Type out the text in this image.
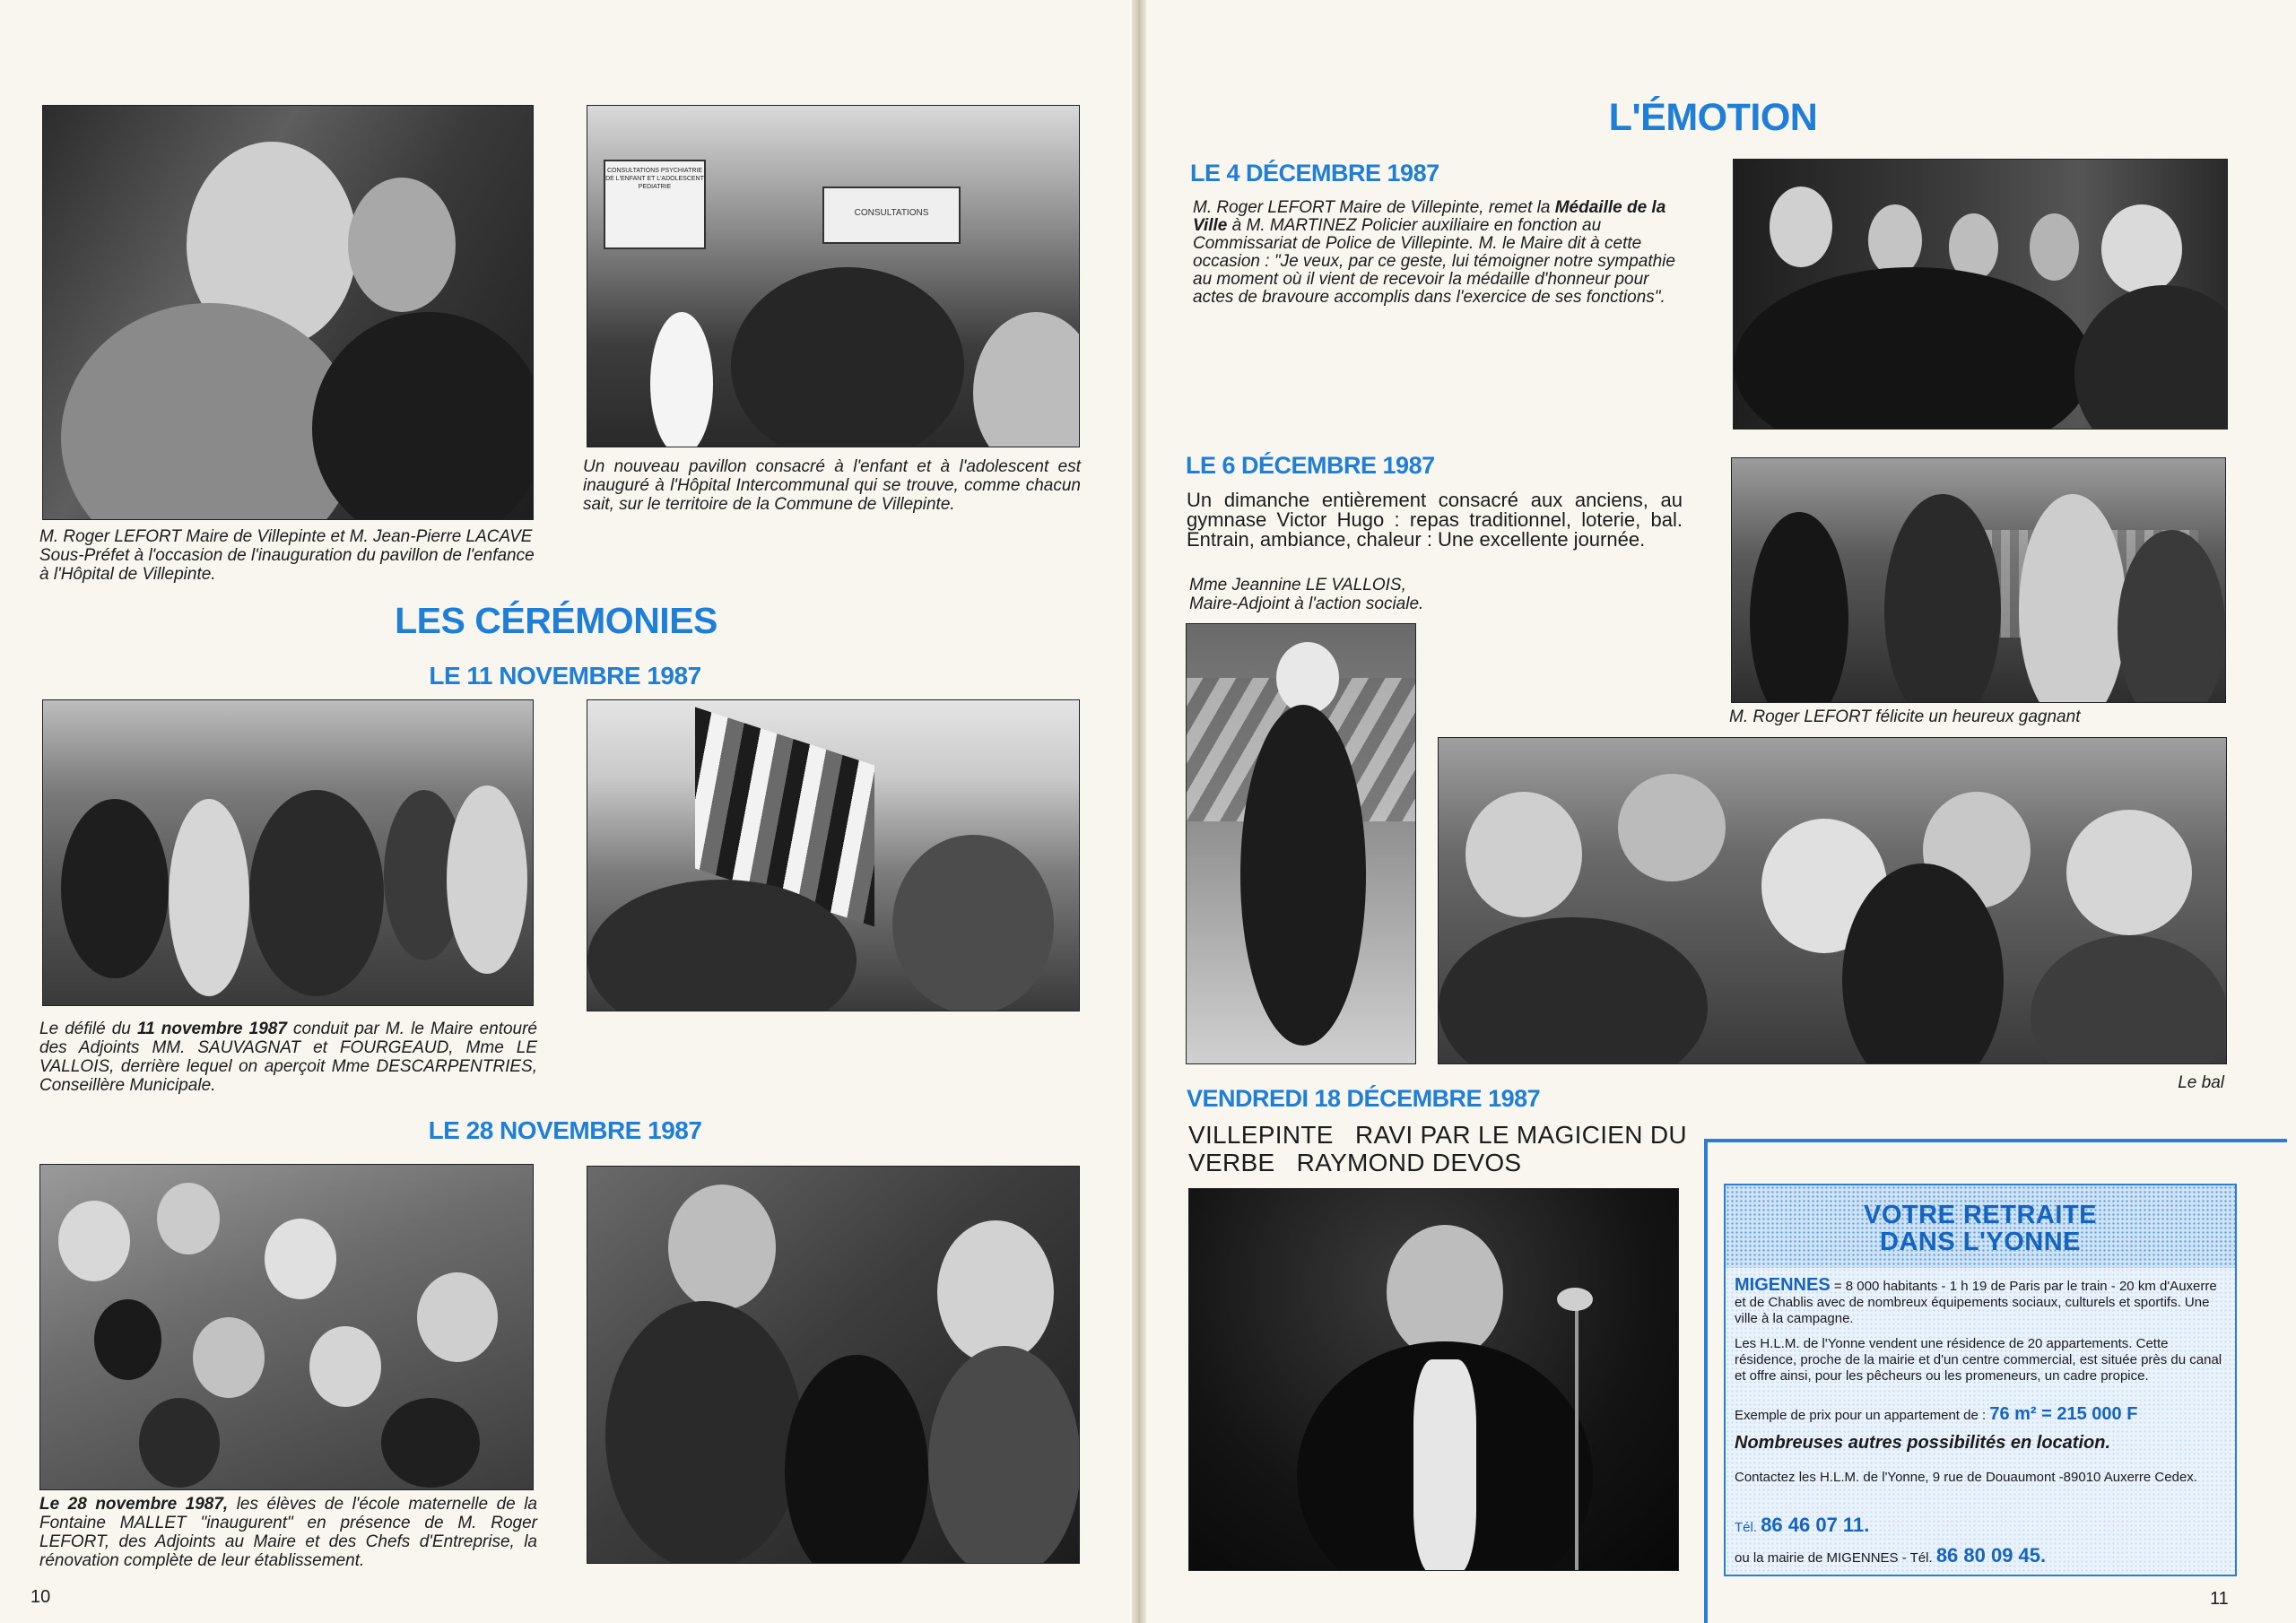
M. Roger LEFORT Maire de Villepinte et M. Jean-Pierre LACAVE Sous-Préfet à l'occasion de l'inauguration du pavillon de l'enfance à l'Hôpital de Villepinte.
CONSULTATIONS PSYCHIATRIE DE L'ENFANT ET L'ADOLESCENT PEDIATRIE
CONSULTATIONS
Un nouveau pavillon consacré à l'enfant et à l'adolescent est inauguré à l'Hôpital Intercommunal qui se trouve, comme chacun sait, sur le territoire de la Commune de Villepinte.
LES CÉRÉMONIES
LE 11 NOVEMBRE 1987
Le défilé du 11 novembre 1987 conduit par M. le Maire entouré des Adjoints MM. SAUVAGNAT et FOURGEAUD, Mme LE VALLOIS, derrière lequel on aperçoit Mme DESCARPENTRIES, Conseillère Municipale.
LE 28 NOVEMBRE 1987
Le 28 novembre 1987, les élèves de l'école maternelle de la Fontaine MALLET "inaugurent" en présence de M. Roger LEFORT, des Adjoints au Maire et des Chefs d'Entreprise, la rénovation complète de leur établissement.
10
L'ÉMOTION
LE 4 DÉCEMBRE 1987
M. Roger LEFORT Maire de Villepinte, remet la Médaille de la Ville à M. MARTINEZ Policier auxiliaire en fonction au Commissariat de Police de Villepinte. M. le Maire dit à cette occasion : "Je veux, par ce geste, lui témoigner notre sympathie au moment où il vient de recevoir la médaille d'honneur pour actes de bravoure accomplis dans l'exercice de ses fonctions".
LE 6 DÉCEMBRE 1987
Un dimanche entièrement consacré aux anciens, au gymnase Victor Hugo : repas traditionnel, loterie, bal. Entrain, ambiance, chaleur : Une excellente journée.
M. Roger LEFORT félicite un heureux gagnant
Mme Jeannine LE VALLOIS,
Maire-Adjoint à l'action sociale.
Le bal
VENDREDI 18 DÉCEMBRE 1987
VILLEPINTE   RAVI PAR LE MAGICIEN DU
VERBE   RAYMOND DEVOS
VOTRE RETRAITE
DANS L'YONNE
MIGENNES = 8 000 habitants - 1 h 19 de Paris par le train - 20 km d'Auxerre et de Chablis avec de nombreux équipements sociaux, culturels et sportifs. Une ville à la campagne.
Les H.L.M. de l'Yonne vendent une résidence de 20 appartements. Cette résidence, proche de la mairie et d'un centre commercial, est située près du canal et offre ainsi, pour les pêcheurs ou les promeneurs, un cadre propice.
Exemple de prix pour un appartement de : 76 m² = 215 000 F
Nombreuses autres possibilités en location.
Contactez les H.L.M. de l'Yonne, 9 rue de Douaumont -89010 Auxerre Cedex.
Tél. 86 46 07 11.
ou la mairie de MIGENNES - Tél. 86 80 09 45.
11
